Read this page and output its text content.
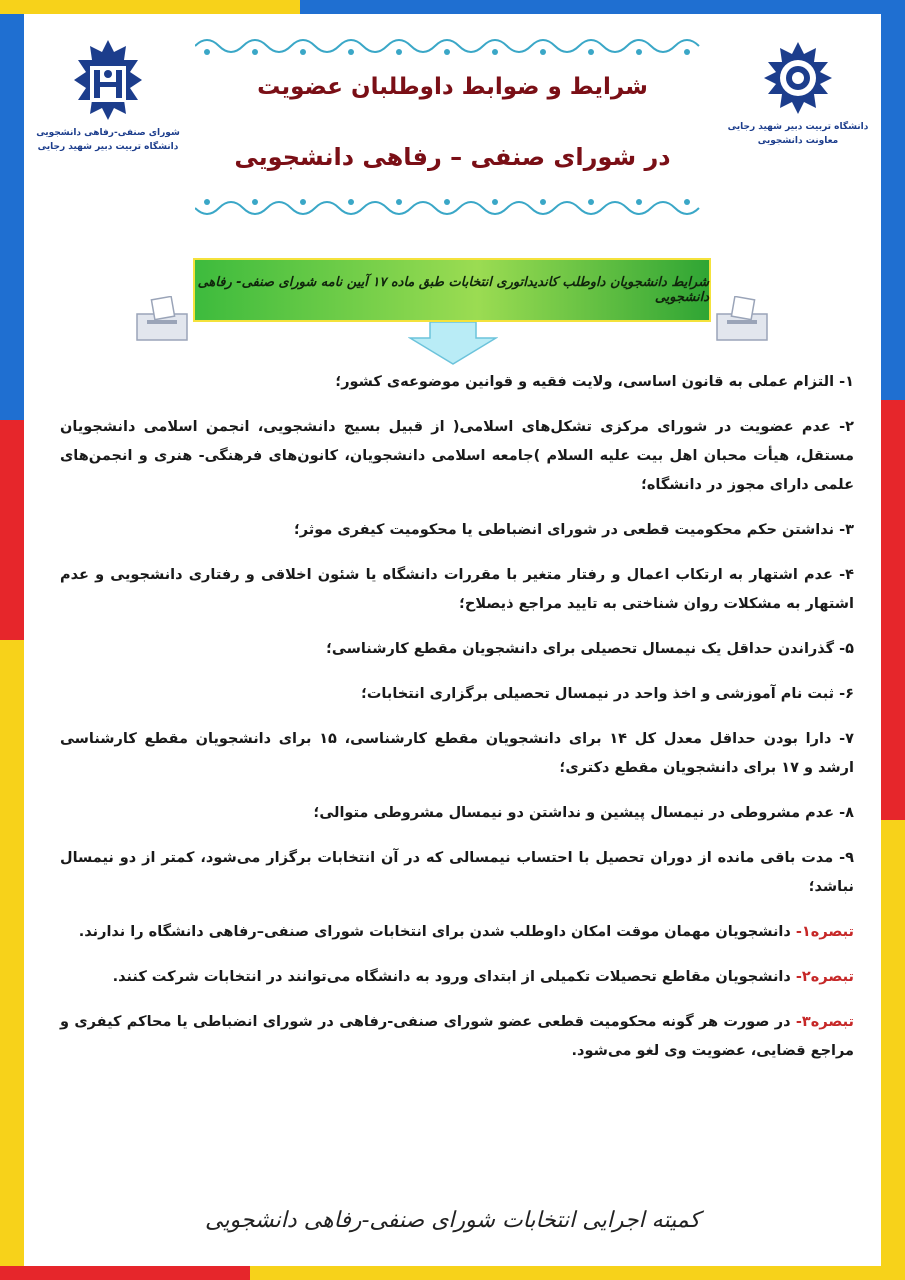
شورای صنفی-رفاهی دانشجویی
دانشگاه تربیت دبیر شهید رجایی
دانشگاه تربیت دبیر شهید رجایی
معاونت دانشجویی
شرایط و ضوابط داوطلبان عضویت
در شورای صنفی – رفاهی دانشجویی
شرایط دانشجویان داوطلب کاندیداتوری انتخابات طبق ماده ۱۷ آیین نامه شورای صنفی- رفاهی دانشجویی

۱- التزام عملی به قانون اساسی، ولایت فقیه و قوانین موضوعه‌ی کشور؛

۲- عدم عضویت در شورای مرکزی تشکل‌های اسلامی( از قبیل بسیج دانشجویی، انجمن اسلامی دانشجویان مستقل، هیأت محبان اهل بیت علیه السلام )جامعه اسلامی دانشجویان، کانون‌های فرهنگی- هنری و انجمن‌های علمی دارای مجوز در دانشگاه؛

۳- نداشتن حکم محکومیت قطعی در شورای انضباطی یا محکومیت کیفری موثر؛

۴- عدم اشتهار به ارتکاب اعمال و رفتار متغیر با مقررات دانشگاه یا شئون اخلاقی و رفتاری دانشجویی و عدم اشتهار به مشکلات روان شناختی به تایید مراجع ذیصلاح؛

۵- گذراندن حداقل یک نیمسال تحصیلی برای دانشجویان مقطع کارشناسی؛

۶- ثبت نام آموزشی و اخذ واحد در نیمسال تحصیلی برگزاری انتخابات؛

۷- دارا بودن حداقل معدل کل ۱۴ برای دانشجویان مقطع کارشناسی، ۱۵ برای دانشجویان مقطع کارشناسی ارشد و ۱۷ برای دانشجویان مقطع دکتری؛

۸- عدم مشروطی در نیمسال پیشین و نداشتن دو نیمسال مشروطی متوالی؛

۹- مدت باقی مانده از دوران تحصیل با احتساب نیمسالی که در آن انتخابات برگزار می‌شود، کمتر از دو نیمسال نباشد؛

تبصره۱- دانشجویان مهمان موقت امکان داوطلب شدن برای انتخابات شورای صنفی–رفاهی دانشگاه را ندارند.

تبصره۲- دانشجویان مقاطع تحصیلات تکمیلی از ابتدای ورود به دانشگاه می‌توانند در انتخابات شرکت کنند.

تبصره۳- در صورت هر گونه محکومیت قطعی عضو شورای صنفی-رفاهی در شورای انضباطی یا محاکم کیفری و مراجع قضایی، عضویت وی لغو می‌شود.

کمیته اجرایی انتخابات شورای صنفی-رفاهی دانشجویی
